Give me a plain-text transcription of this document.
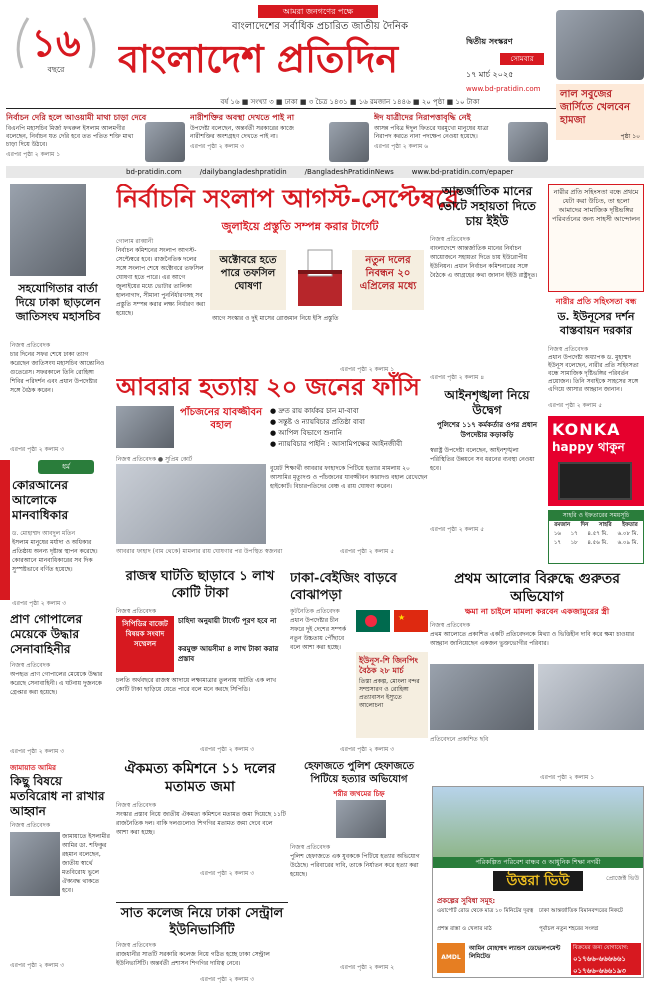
১৬
বছরে
আমরা জনগণের পক্ষে
বাংলাদেশের সর্বাধিক প্রচারিত জাতীয় দৈনিক
বাংলাদেশ প্রতিদিন	দ্বিতীয় সংস্করণ
সোমবার
১৭ মার্চ ২০২৫
www.bd-pratidin.com	লাল সবুজের জার্সিতে খেলবেন হামজা
পৃষ্ঠা ১০
বর্ষ ১৬ ■ সংখ্যা ৩ ■ ঢাকা ■ ৩ চৈত্র ১৪৩১ ■ ১৬ রমজান ১৪৪৬ ■ ২০ পৃষ্ঠা ■ ১০ টাকা
নির্বাচন দেরি হলে আওয়ামী মাথা চাড়া দেবে
বিএনপি মহাসচিব মির্জা ফখরুল ইসলাম আলমগীর বলেছেন, নির্বাচন যত দেরি হবে তত পতিত শক্তি মাথা চাড়া দিয়ে উঠবে।
এরপর পৃষ্ঠা ২ কলাম ১
নারীশক্তির অবস্থা দেখতে পাই না
উপদেষ্টা বলেছেন, অন্তর্বর্তী সরকারের কাজে নারীশক্তির অংশগ্রহণ দেখতে পাই না।
এরপর পৃষ্ঠা ২ কলাম ৩
ঈদ যাত্রীদের নিরাপত্তাবৃদ্ধি নেই
আসন্ন পবিত্র ঈদুল ফিতরে ঘরমুখো মানুষের যাত্রা নিরাপদ করতে নানা পদক্ষেপ নেওয়া হয়েছে।
এরপর পৃষ্ঠা ২ কলাম ৬
bd-pratidin.com	/dailybangladeshpratidin	/BangladeshPratidinNews	www.bd-pratidin.com/epaper
সহযোগিতার বার্তা দিয়ে ঢাকা ছাড়লেন জাতিসংঘ মহাসচিব
নিজস্ব প্রতিবেদক
চার দিনের সফর শেষে ঢাকা ত্যাগ করেছেন জাতিসংঘ মহাসচিব আন্তোনিও গুতেরেস। সফরকালে তিনি রোহিঙ্গা শিবির পরিদর্শন এবং প্রধান উপদেষ্টার সঙ্গে বৈঠক করেন।
এরপর পৃষ্ঠা ২ কলাম ৩
ধর্ম
কোরআনের আলোকে মানবাধিকার
ড. মোহাম্মদ আবদুল মতিন
ইসলাম মানুষের মর্যাদা ও অধিকার প্রতিষ্ঠায় অনন্য দৃষ্টান্ত স্থাপন করেছে। কোরআনে মানবাধিকারের সব দিক সুস্পষ্টভাবে বর্ণিত হয়েছে।
এরপর পৃষ্ঠা ২ কলাম ৩
প্রাণ গোপালের মেয়েকে উদ্ধার সেনাবাহিনীর
নিজস্ব প্রতিবেদক
অপহৃত প্রাণ গোপালের মেয়েকে উদ্ধার করেছে সেনাবাহিনী। এ ঘটনায় দুজনকে গ্রেপ্তার করা হয়েছে।
এরপর পৃষ্ঠা ২ কলাম ৩
জামায়াত আমির
কিছু বিষয়ে মতবিরোধ না রাখার আহ্বান
নিজস্ব প্রতিবেদক
জামায়াতে ইসলামীর আমির ডা. শফিকুর রহমান বলেছেন, জাতীয় স্বার্থে মতবিরোধ ভুলে ঐক্যবদ্ধ থাকতে হবে।
এরপর পৃষ্ঠা ২ কলাম ৩
নির্বাচনি সংলাপ আগস্ট-সেপ্টেম্বরে
জুলাইয়ে প্রস্তুতি সম্পন্ন করার টার্গেট
গোলাম রাব্বানী
নির্বাচন কমিশনের সংলাপ আগস্ট-সেপ্টেম্বরে হবে। রাজনৈতিক দলের সঙ্গে সংলাপ শেষে অক্টোবরে তফসিল ঘোষণা হতে পারে। এর আগে জুলাইয়ের মধ্যে ভোটার তালিকা হালনাগাদ, সীমানা পুনর্নির্ধারণসহ সব প্রস্তুতি সম্পন্ন করার লক্ষ্য নির্ধারণ করা হয়েছে।
অক্টোবরে হতে পারে তফসিল ঘোষণা
নতুন দলের নিবন্ধন ২০ এপ্রিলের মধ্যে
আগে সংস্কার ও দুই মাসের রোজমান নিয়ে ইসি প্রস্তুতি
এরপর পৃষ্ঠা ২ কলাম ১
আন্তর্জাতিক মানের ভোটে সহায়তা দিতে চায় ইইউ
নিজস্ব প্রতিবেদক
বাংলাদেশে আন্তর্জাতিক মানের নির্বাচন আয়োজনে সহায়তা দিতে চায় ইউরোপীয় ইউনিয়ন। প্রধান নির্বাচন কমিশনারের সঙ্গে বৈঠকে এ আগ্রহের কথা জানান ইইউ রাষ্ট্রদূত।
এরপর পৃষ্ঠা ২ কলাম ৪
নারীর প্রতি সহিংসতা বন্ধে প্রথমে যেটা করা উচিত, তা হলো আমাদের সামাজিক দৃষ্টিভঙ্গির পরিবর্তনের জন্য সাহসী আন্দোলন
নারীর প্রতি সহিংসতা বন্ধ
ড. ইউনূসের দর্শন বাস্তবায়ন দরকার
নিজস্ব প্রতিবেদক
প্রধান উপদেষ্টা অধ্যাপক ড. মুহাম্মদ ইউনূস বলেছেন, নারীর প্রতি সহিংসতা বন্ধে সামাজিক দৃষ্টিভঙ্গির পরিবর্তন প্রয়োজন। তিনি সবাইকে সাহসের সঙ্গে এগিয়ে আসার আহ্বান জানান।
এরপর পৃষ্ঠা ২ কলাম ৫
আইনশৃঙ্খলা নিয়ে উদ্বেগ
পুলিশের ১১৭ কর্মকর্তার ওপর প্রধান উপদেষ্টার কড়াকড়ি
স্বরাষ্ট্র উপদেষ্টা বলেছেন, আইনশৃঙ্খলা পরিস্থিতির উন্নয়নে সব ধরনের ব্যবস্থা নেওয়া হবে।
এরপর পৃষ্ঠা ২ কলাম ৫
KONKA
happy থাকুন
সাহরি ও ইফতারের সময়সূচি
রমজান দিন সাহরি ইফতার
১৬ ১৭ ৪.৫৭ মি. ৬.০৮ মি.
১৭ ১৮ ৪.৫৬ মি. ৬.০৯ মি.
আবরার হত্যায় ২০ জনের ফাঁসি
পাঁচজনের যাবজ্জীবন বহাল
● দ্রুত রায় কার্যকর চান মা-বাবা
● সন্তুষ্ট ও ন্যায়বিচার প্রতিষ্ঠা বাবা
● আপিল বিভাগে শুনানি
● ন্যায়বিচার পাইনি : আসামিপক্ষের আইনজীবী
নিজস্ব প্রতিবেদক ● সুপ্রিম কোর্ট
বুয়েট শিক্ষার্থী আবরার ফাহাদকে পিটিয়ে হত্যার মামলায় ২০ আসামির মৃত্যুদণ্ড ও পাঁচজনের যাবজ্জীবন কারাদণ্ড বহাল রেখেছেন হাইকোর্ট। বিচারপতিদের বেঞ্চ এ রায় ঘোষণা করেন।
আবরার ফাহাদ (বাম থেকে) মামলার রায় ঘোষণার পর উপস্থিত স্বজনরা	এরপর পৃষ্ঠা ২ কলাম ৫
প্রথম আলোর বিরুদ্ধে গুরুতর অভিযোগ
ক্ষমা না চাইলে মামলা করবেন একজামুরের স্ত্রী
নিজস্ব প্রতিবেদক
প্রথম আলোতে প্রকাশিত একটি প্রতিবেদনকে মিথ্যা ও ভিত্তিহীন দাবি করে ক্ষমা চাওয়ার আহ্বান জানিয়েছেন একজন ভুক্তভোগীর পরিবার।
প্রতিবেদনে প্রকাশিত ছবি
এরপর পৃষ্ঠা ২ কলাম ১
রাজস্ব ঘাটতি ছাড়াবে ১ লাখ কোটি টাকা
নিজস্ব প্রতিবেদক
সিপিডির বাজেট বিষয়ক সংবাদ সম্মেলন
চাহিদা অনুযায়ী টার্গেট পূরণ হবে না
করমুক্ত আয়সীমা ৪ লাখ টাকা করার প্রস্তাব
চলতি অর্থবছরে রাজস্ব আদায়ে লক্ষ্যমাত্রার তুলনায় ঘাটতি এক লাখ কোটি টাকা ছাড়িয়ে যেতে পারে বলে মনে করছে সিপিডি।
এরপর পৃষ্ঠা ২ কলাম ৩
ঢাকা-বেইজিং বাড়বে বোঝাপড়া
কূটনৈতিক প্রতিবেদক
★
প্রধান উপদেষ্টার চীন সফরে দুই দেশের সম্পর্ক নতুন উচ্চতায় পৌঁছাবে বলে আশা করা হচ্ছে।
ইউনূস-শি জিনপিং বৈঠক ২৮ মার্চ
তিস্তা প্রকল্প, মোংলা বন্দর সম্প্রসারণ ও রোহিঙ্গা প্রত্যাবাসন ইস্যুতে আলোচনা
এরপর পৃষ্ঠা ২ কলাম ৩
ঐকমত্য কমিশনে ১১ দলের মতামত জমা
নিজস্ব প্রতিবেদক
সংস্কার প্রস্তাব নিয়ে জাতীয় ঐকমত্য কমিশনে মতামত জমা দিয়েছে ১১টি রাজনৈতিক দল। বাকি দলগুলোও শিগগির মতামত জমা দেবে বলে আশা করা হচ্ছে।
এরপর পৃষ্ঠা ২ কলাম ৩
হেফাজতে পুলিশ হেফাজতে পিটিয়ে হত্যার অভিযোগ
শরীর জখমের চিহ্ন
নিজস্ব প্রতিবেদক
পুলিশ হেফাজতে এক যুবককে পিটিয়ে হত্যার অভিযোগ উঠেছে। পরিবারের দাবি, তাকে নির্যাতন করে হত্যা করা হয়েছে।
এরপর পৃষ্ঠা ২ কলাম ২
সাত কলেজ নিয়ে ঢাকা সেন্ট্রাল ইউনিভার্সিটি
নিজস্ব প্রতিবেদক
রাজধানীর সাতটি সরকারি কলেজ নিয়ে গঠিত হচ্ছে ঢাকা সেন্ট্রাল ইউনিভার্সিটি। অন্তর্বর্তী প্রশাসন শিগগির দায়িত্ব নেবে।
এরপর পৃষ্ঠা ২ কলাম ৩
পরিকল্পিত পরিবেশ বান্ধব ও আধুনিক শিক্ষা নগরী
উত্তরা ভিউ	প্রোজেক্ট ভিউ
প্রকল্পের সুবিধা সমূহ:
এয়ার্পোর্ট রোড থেকে মাত্র ১০ মিনিটের দূরত্ব	ঢাকা আন্তর্জাতিক বিমানবন্দরের নিকটে
প্রশস্ত রাস্তা ও খেলার মাঠ	পূর্বাচল নতুন শহরের সংলগ্ন
AMDL
আমিন মোহাম্মদ ল্যান্ডস ডেভেলপমেন্ট লিমিটেড
বিক্রয়ের জন্য যোগাযোগ:
০১৭৬৬-৬৬৬৬৬১
০১৭৬৬-৬৬৬১৯৩
